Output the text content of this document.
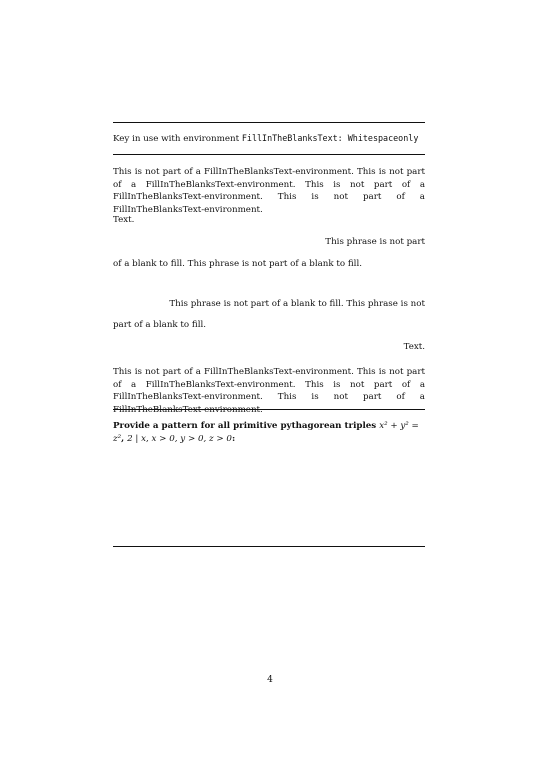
Key in use with environment FillInTheBlanksText: Whitespaceonly
This is not part of a FillInTheBlanksText-environment. This is not part of a FillInTheBlanksText-environment. This is not part of a FillInTheBlanksText-environment. This is not part of a FillInTheBlanksText-environment.
Text.
This phrase is not part
of a blank to fill. This phrase is not part of a blank to fill.
This phrase is not part of a blank to fill. This phrase is not
part of a blank to fill.
Text.
This is not part of a FillInTheBlanksText-environment. This is not part of a FillInTheBlanksText-environment. This is not part of a FillInTheBlanksText-environment. This is not part of a FillInTheBlanksText-environment.
Provide a pattern for all primitive pythagorean triples x² + y² = z², 2 | x, x > 0, y > 0, z > 0:
4
